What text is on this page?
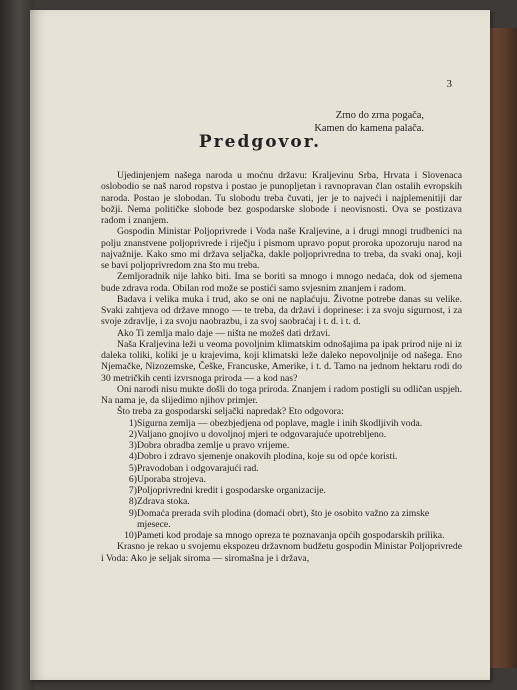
3
Zrno do zrna pogača,
Kamen do kamena palača.
Predgovor.

Ujedinjenjem našega naroda u moćnu državu: Kraljevinu Srba, Hrvata i Slovenaca oslobodio se naš narod ropstva i postao je punopljetan i ravnopravan član ostalih evropskih naroda. Postao je slobodan. Tu slobodu treba čuvati, jer je to najveći i najplemenitiji dar božji. Nema političke slobode bez gospodarske slobode i neovisnosti. Ova se postizava radom i znanjem.

Gospodin Ministar Poljoprivrede i Voda naše Kraljevine, a i drugi mnogi trudbenici na polju znanstvene poljoprivrede i riječju i pismom upravo poput proroka upozoruju narod na najvažnije. Kako smo mi država seljačka, dakle poljoprivredna to treba, da svaki onaj, koji se bavi poljoprivredom zna što mu treba.

Zemljoradnik nije lahko biti. Ima se boriti sa mnogo i mnogo nedaća, dok od sjemena bude zdrava roda. Obilan rod može se postići samo svjesnim znanjem i radom.

Badava i velika muka i trud, ako se oni ne naplaćuju. Životne potrebe danas su velike. Svaki zahtjeva od države mnogo — te treba, da državi i doprinese: i za svoju sigurnost, i za svoje zdravlje, i za svoju naobrazbu, i za svoj saobraćaj i t. d. i t. d.

Ako Ti zemlja malo daje — ništa ne možeš dati državi.

Naša Kraljevina leži u veoma povoljnim klimatskim odnošajima pa ipak prirod nije ni iz daleka toliki, koliki je u krajevima, koji klimatski leže daleko nepovoljnije od našega. Eno Njemačke, Nizozemske, Češke, Francuske, Amerike, i t. d. Tamo na jednom hektaru rodi do 30 metričkih centi izvrsnoga priroda — a kod nas?

Oni narodi nisu mukte došli do toga priroda. Znanjem i radom postigli su odličan uspjeh. Na nama je, da slijedimo njihov primjer.

Što treba za gospodarski seljački napredak? Eto odgovora:

Sigurna zemlja — obezbjedjena od poplave, magle i inih škodljivih voda.
Valjano gnojivo u dovoljnoj mjeri te odgovarajuće upotrebljeno.
Dobra obradba zemlje u pravo vrijeme.
Dobro i zdravo sjemenje onakovih plodina, koje su od opće koristi.
Pravodoban i odgovarajući rad.
Uporaba strojeva.
Poljoprivredni kredit i gospodarske organizacije.
Zdrava stoka.
Domaća prerada svih plodina (domaći obrt), što je osobito važno za zimske mjesece.
Pameti kod prodaje sa mnogo opreza te poznavanja općih gospodarskih prilika.

Krasno je rekao u svojemu ekspozeu državnom budžetu gospodin Ministar Poljoprivrede i Voda: Ako je seljak siroma — siromašna je i država,
